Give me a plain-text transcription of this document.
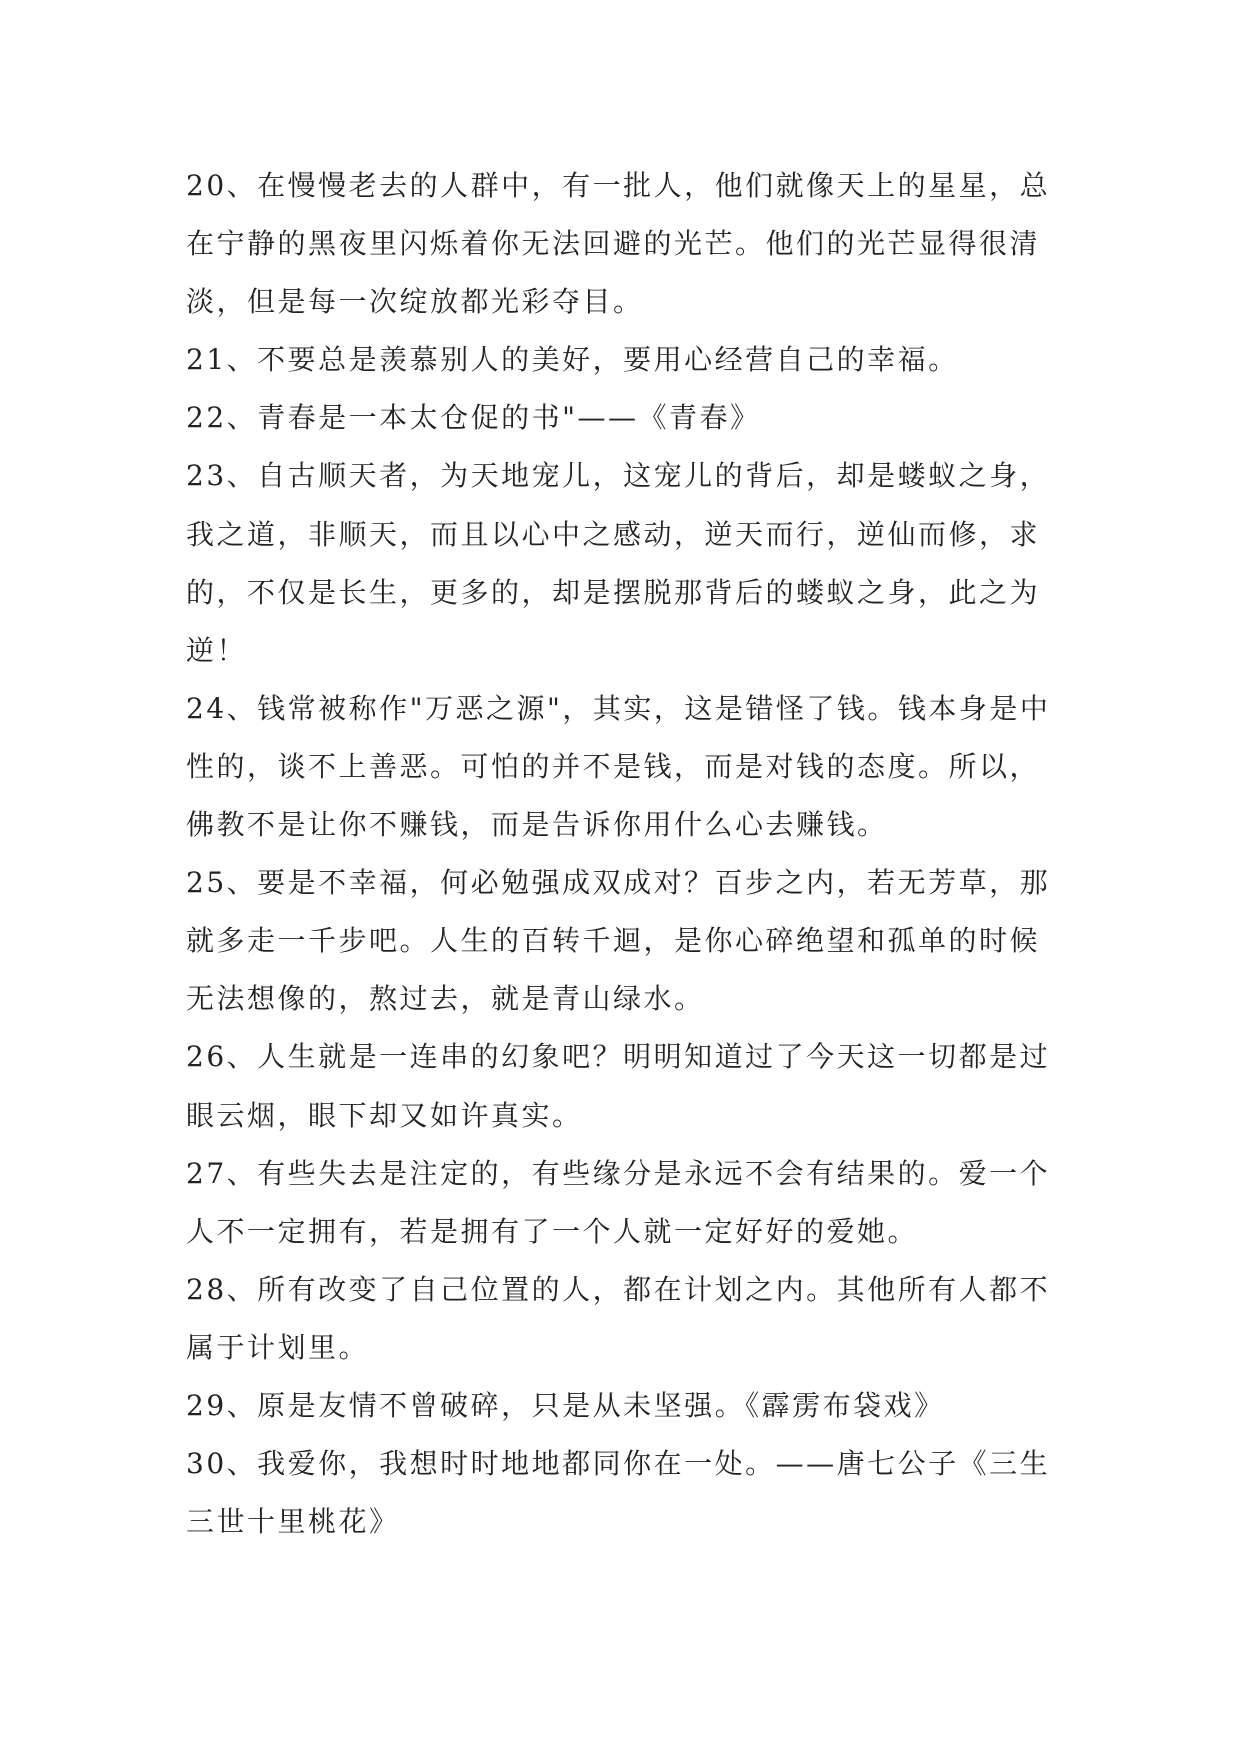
20、在慢慢老去的人群中，有一批人，他们就像天上的星星，总在宁静的黑夜里闪烁着你无法回避的光芒。他们的光芒显得很清淡，但是每一次绽放都光彩夺目。

21、不要总是羡慕别人的美好，要用心经营自己的幸福。

22、青春是一本太仓促的书"——《青春》

23、自古顺天者，为天地宠儿，这宠儿的背后，却是蝼蚁之身，我之道，非顺天，而且以心中之感动，逆天而行，逆仙而修，求的，不仅是长生，更多的，却是摆脱那背后的蝼蚁之身，此之为逆！

24、钱常被称作"万恶之源"，其实，这是错怪了钱。钱本身是中性的，谈不上善恶。可怕的并不是钱，而是对钱的态度。所以，佛教不是让你不赚钱，而是告诉你用什么心去赚钱。

25、要是不幸福，何必勉强成双成对？百步之内，若无芳草，那就多走一千步吧。人生的百转千迴，是你心碎绝望和孤单的时候无法想像的，熬过去，就是青山绿水。

26、人生就是一连串的幻象吧？明明知道过了今天这一切都是过眼云烟，眼下却又如许真实。

27、有些失去是注定的，有些缘分是永远不会有结果的。爱一个人不一定拥有，若是拥有了一个人就一定好好的爱她。

28、所有改变了自己位置的人，都在计划之内。其他所有人都不属于计划里。

29、原是友情不曾破碎，只是从未坚强。《霹雳布袋戏》

30、我爱你，我想时时地地都同你在一处。——唐七公子《三生三世十里桃花》
